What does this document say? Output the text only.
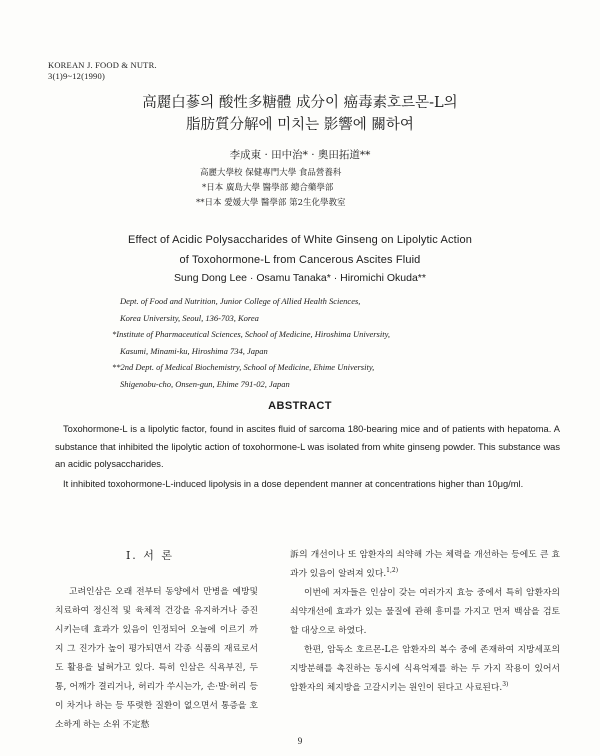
KOREAN J. FOOD & NUTR.
3(1)9~12(1990)
高麗白蔘의 酸性多糖體 成分이 癌毒素호르몬-L의
脂肪質分解에 미치는 影響에 關하여
李成東 · 田中治* · 奧田拓道**
高麗大學校 保健專門大學 食品營養科
*日本 廣島大學 醫學部 總合藥學部
**日本 愛媛大學 醫學部 第2生化學教室
Effect of Acidic Polysaccharides of White Ginseng on Lipolytic Action
of Toxohormone-L from Cancerous Ascites Fluid
Sung Dong Lee · Osamu Tanaka* · Hiromichi Okuda**
Dept. of Food and Nutrition, Junior College of Allied Health Sciences,
Korea University, Seoul, 136-703, Korea
*Institute of Pharmaceutical Sciences, School of Medicine, Hiroshima University,
Kasumi, Minami-ku, Hiroshima 734, Japan
**2nd Dept. of Medical Biochemistry, School of Medicine, Ehime University,
Shigenobu-cho, Onsen-gun, Ehime 791-02, Japan
ABSTRACT

Toxohormone-L is a lipolytic factor, found in ascites fluid of sarcoma 180-bearing mice and of patients with hepatoma. A substance that inhibited the lipolytic action of toxohormone-L was isolated from white ginseng powder. This substance was an acidic polysaccharides.

It inhibited toxohormone-L-induced lipolysis in a dose dependent manner at concentrations higher than 10μg/ml.

Ⅰ. 서 론

고려인삼은 오래 전부터 동양에서 만병을 예방및 치료하여 정신적 및 육체적 건강을 유지하거나 증진시키는데 효과가 있음이 인정되어 오늘에 이르기 까지 그 진가가 높이 평가되면서 각종 식품의 재료로서도 활용을 넓혀가고 있다. 특히 인삼은 식욕부진, 두통, 어깨가 결리거나, 허리가 쑤시는가, 손·발·허리 등이 차거나 하는 등 뚜렷한 질환이 없으면서 통증을 호소하게 하는 소위 不定愁

訴의 개선이나 또 암환자의 쇠약해 가는 체력을 개선하는 등에도 큰 효과가 있음이 알려져 있다.$^{1,2)}$

이번에 저자들은 인삼이 갖는 여러가지 효능 중에서 특히 암환자의 쇠약개선에 효과가 있는 물질에 관해 흥미를 가지고 먼저 백삼을 검토할 대상으로 하였다.

한편, 암독소 호르몬-L은 암환자의 복수 중에 존재하여 지방세포의 지방분해를 촉진하는 동시에 식욕억제를 하는 두 가지 작용이 있어서 암환자의 체지방을 고갈시키는 원인이 된다고 사료된다.$^{3)}$

9
